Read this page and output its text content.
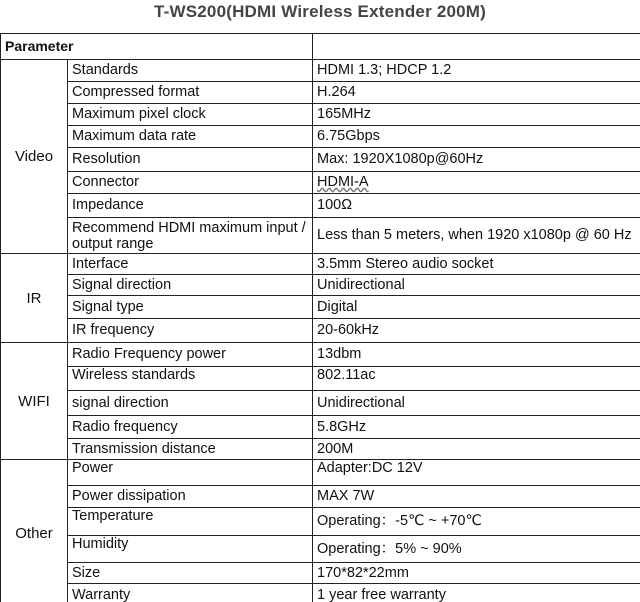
T-WS200(HDMI Wireless Extender 200M)
Parameter		
Video	Standards	HDMI 1.3; HDCP 1.2
	Compressed format	H.264
	Maximum pixel clock	165MHz
	Maximum data rate	6.75Gbps
	Resolution	Max: 1920X1080p@60Hz
	Connector	HDMI-A
	Impedance	100Ω
	Recommend HDMI maximum input / output range	Less than 5 meters, when 1920 x1080p @ 60 Hz
IR	Interface	3.5mm Stereo audio socket
	Signal direction	Unidirectional
	Signal type	Digital
	IR frequency	20-60kHz
WIFI	Radio Frequency power	13dbm
	Wireless standards	802.11ac
	signal direction	Unidirectional
	Radio frequency	5.8GHz
	Transmission distance	200M
Other	Power	Adapter:DC 12V
	Power dissipation	MAX 7W
	Temperature	Operating：-5℃ ~ +70℃
	Humidity	Operating：5% ~ 90%
	Size	170*82*22mm
	Warranty	1 year free warranty
